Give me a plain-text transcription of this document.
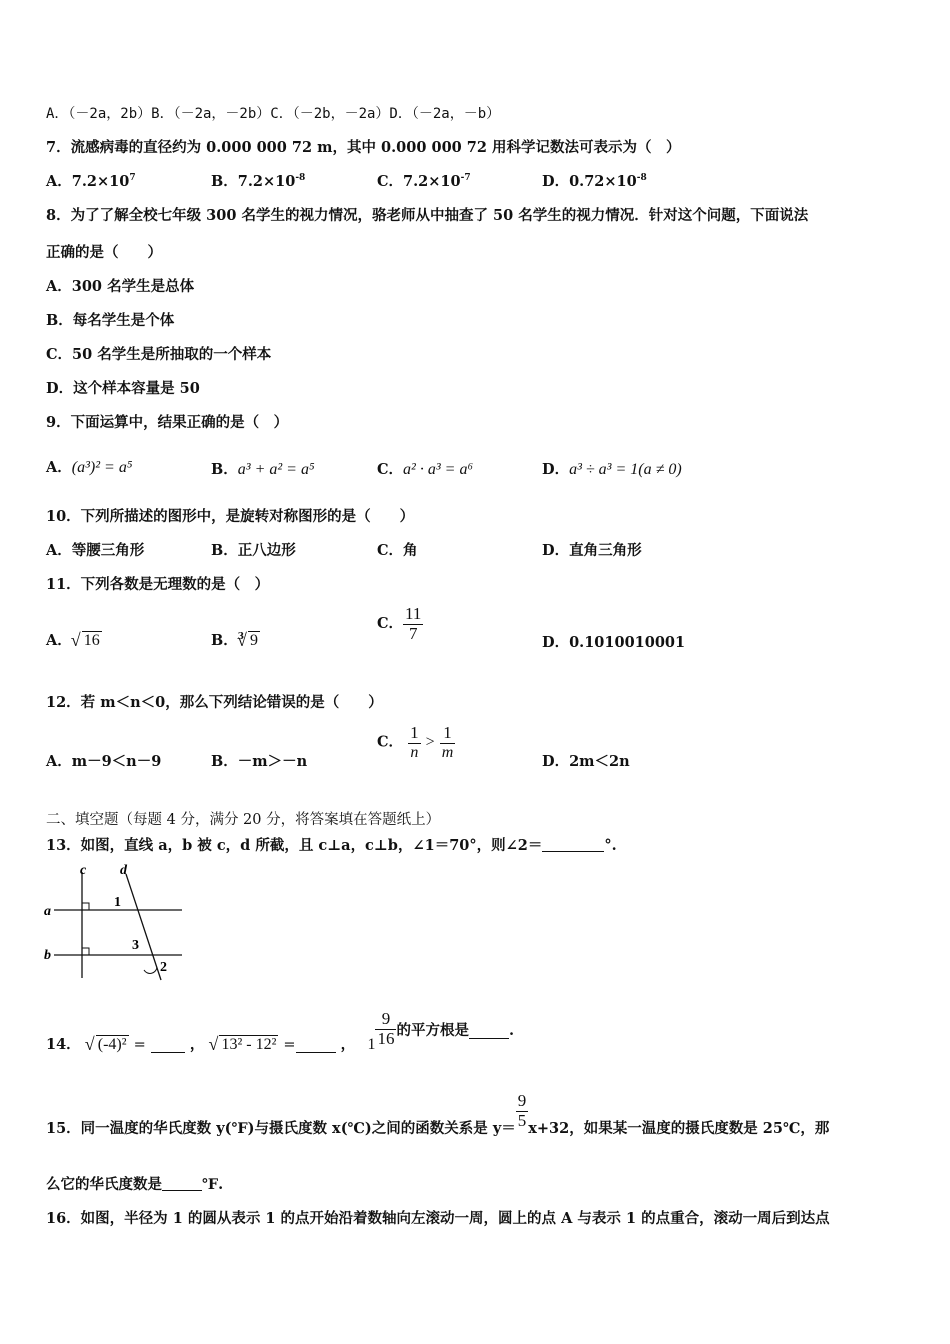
A．（－2a，2b）B．（－2a，－2b）C．（－2b，－2a）D．（－2a，－b）
7．流感病毒的直径约为 0.000 000 72 m，其中 0.000 000 72 用科学记数法可表示为（　）
A．$7.2\times 10^7$	B．$7.2\times 10^{-8}$	C．$7.2\times 10^{-7}$	D．$0.72\times 10^{-8}$
8．为了了解全校七年级 300 名学生的视力情况，骆老师从中抽查了 50 名学生的视力情况．针对这个问题，下面说法
正确的是（　　）
A．300 名学生是总体
B．每名学生是个体
C．50 名学生是所抽取的一个样本
D．这个样本容量是 50
9．下面运算中，结果正确的是（　）
A．(a³)² = a⁵	B．a³ + a² = a⁵	C．a² · a³ = a⁶	D．a³ ÷ a³ = 1(a ≠ 0)
10．下列所描述的图形中，是旋转对称图形的是（　　）
A．等腰三角形	B．正八边形	C．角	D．直角三角形
11．下列各数是无理数的是（　）
A． √ 16	B．$^3$ √ 9
C． $\frac{11}{7}$	D．0.1010010001
12．若 m＜n＜0，那么下列结论错误的是（　　）
A．m－9＜n－9	B．－m＞－n
C． $\frac{1}{n} > \frac{1}{m}$
D．2m＜2n
二、填空题（每题 4 分，满分 20 分，将答案填在答题纸上）
13．如图，直线 a，b 被 c，d 所截，且 c⊥a，c⊥b，∠1＝70°，则∠2＝	°.
c d
a
b
1
3
2
14． √ (-4)² =	， √ 13² - 12² =	，　 $1 \frac{9}{16}$ 的平方根是	.
15．同一温度的华氏度数 y(℉)与摄氏度数 x(℃)之间的函数关系是 $y= \frac{9}{5} x+32$，如果某一温度的摄氏度数是 25℃，那
么它的华氏度数是	℉.
16．如图，半径为 1 的圆从表示 1 的点开始沿着数轴向左滚动一周，圆上的点 A 与表示 1 的点重合，滚动一周后到达点
